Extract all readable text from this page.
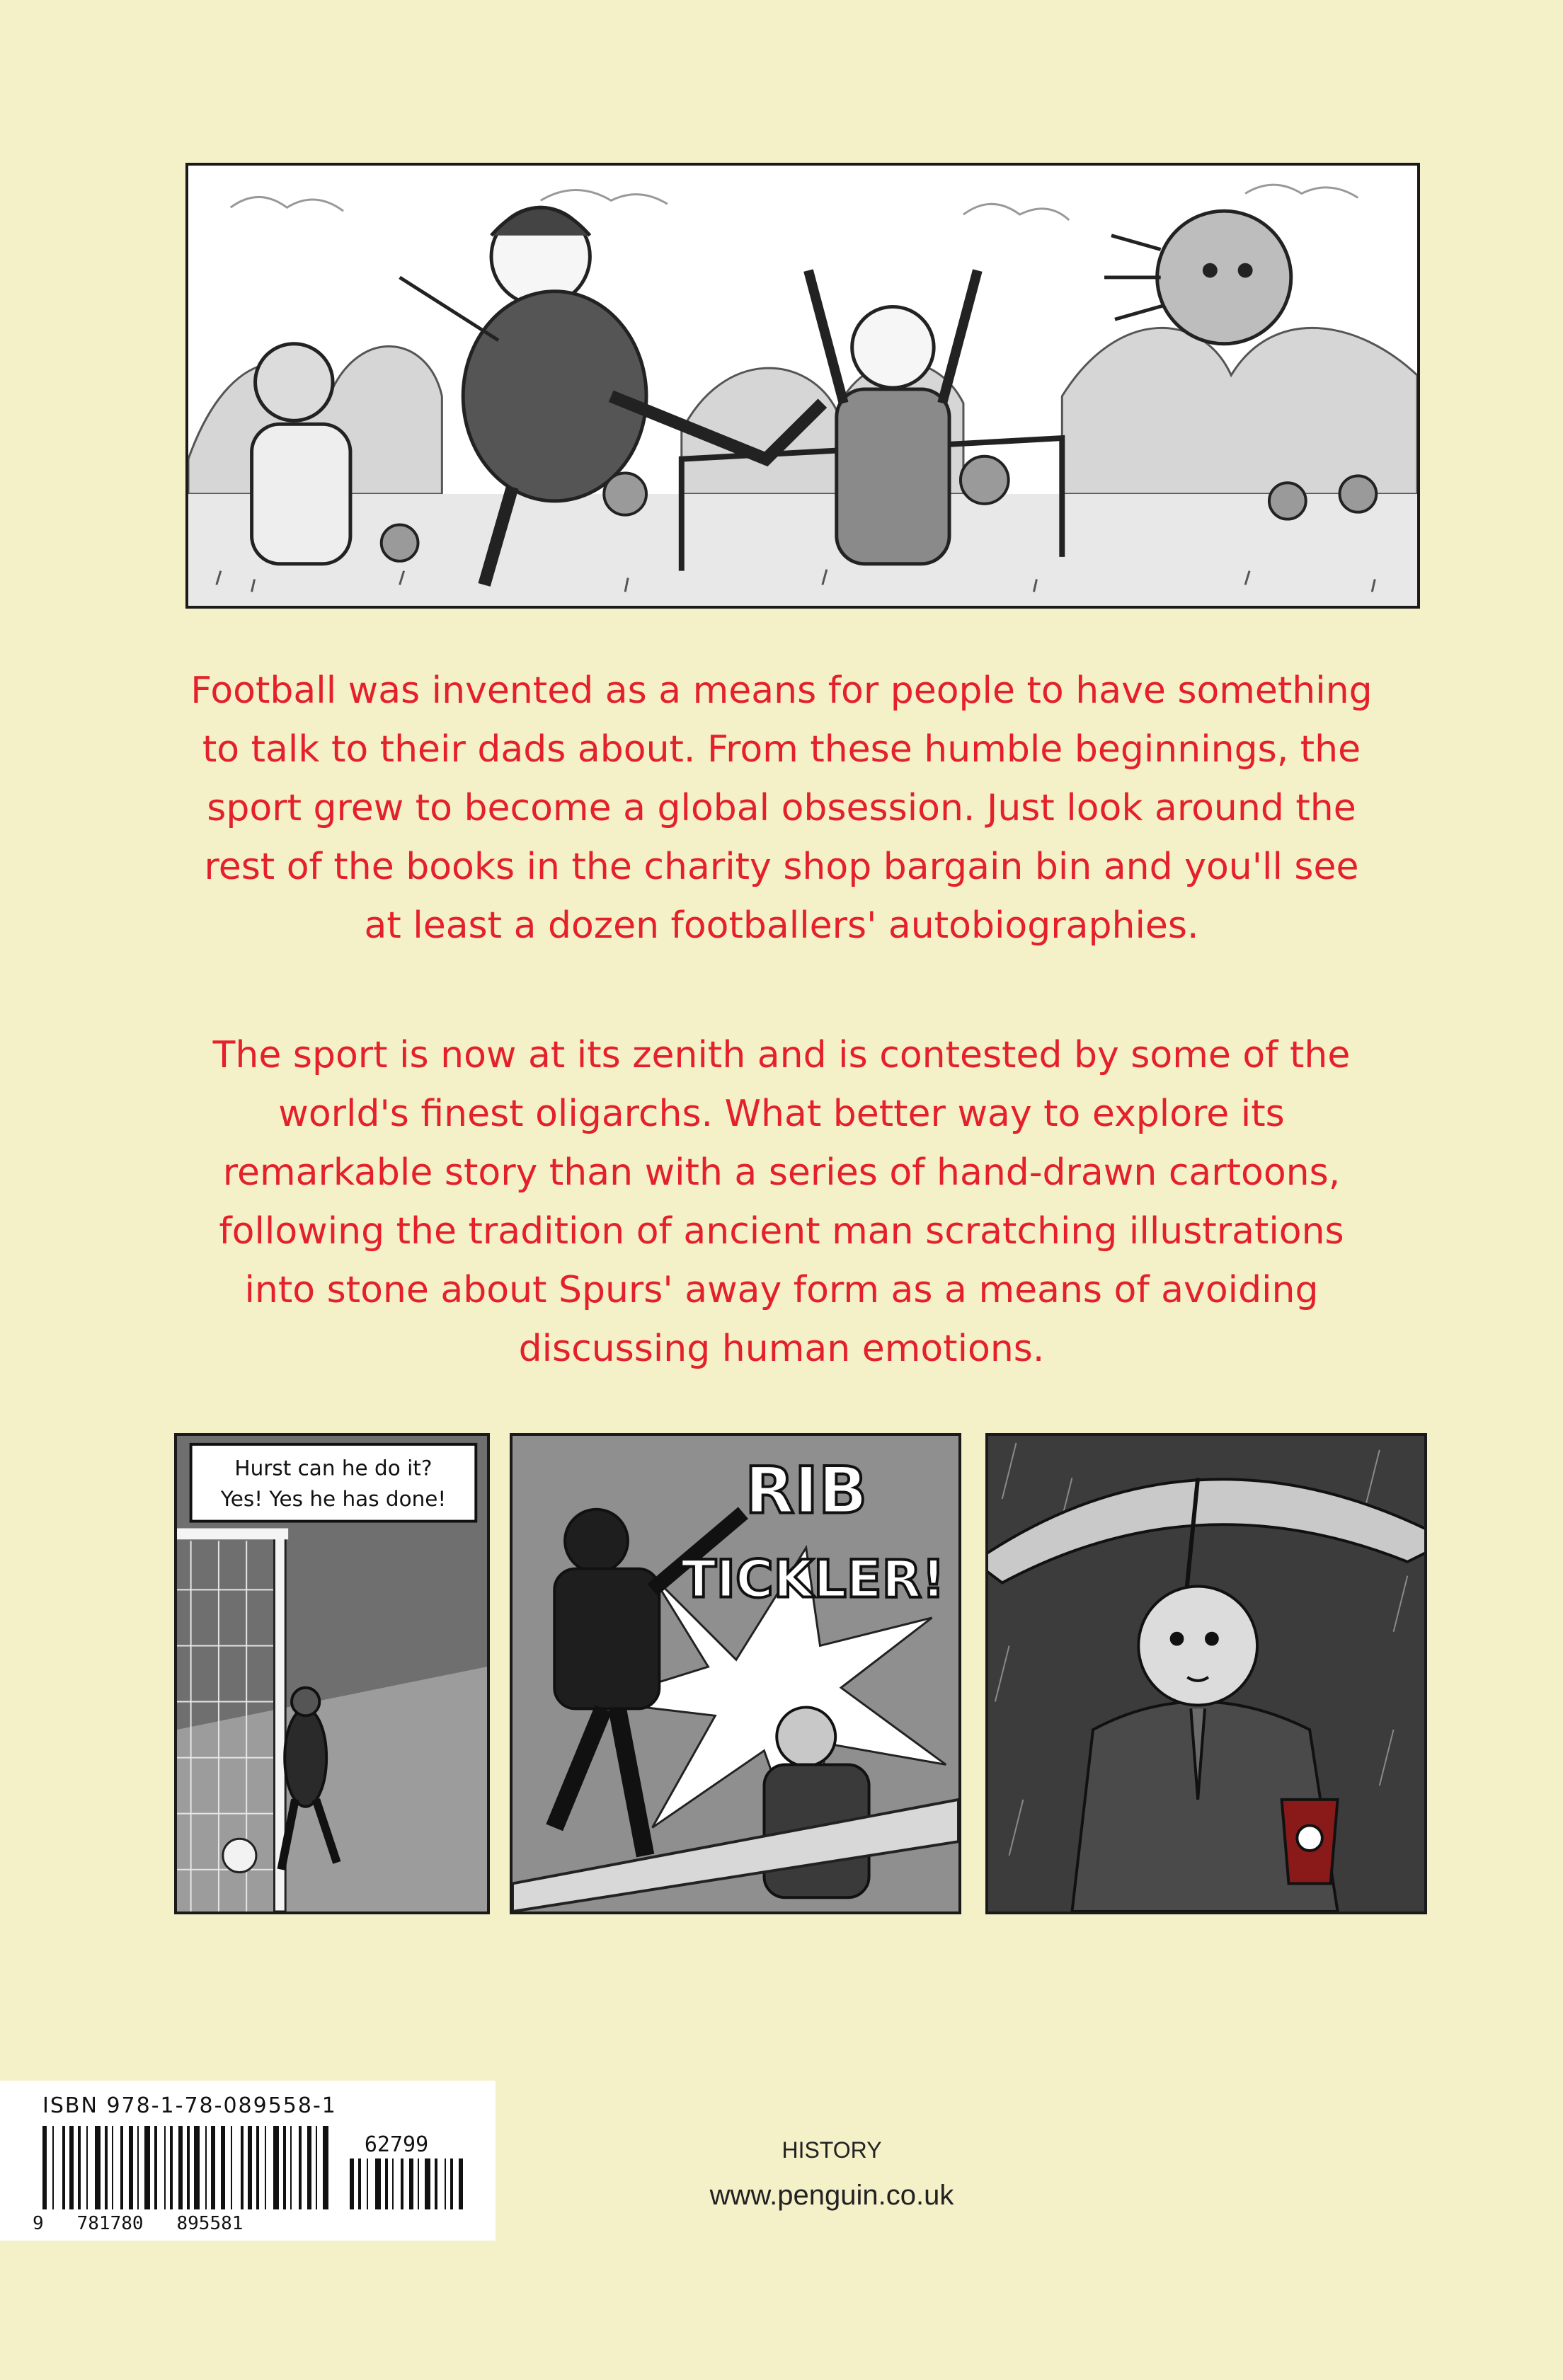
Football was invented as a means for people to have something
to talk to their dads about. From these humble beginnings, the
sport grew to become a global obsession. Just look around the
rest of the books in the charity shop bargain bin and you'll see
at least a dozen footballers' autobiographies.

The sport is now at its zenith and is contested by some of the
world's finest oligarchs. What better way to explore its
remarkable story than with a series of hand-drawn cartoons,
following the tradition of ancient man scratching illustrations
into stone about Spurs' away form as a means of avoiding
discussing human emotions.

Hurst can he do it?
Yes! Yes he has done!	RIB
TICKLER!
ISBN 978-1-78-089558-1
62799
9   781780   895581
HISTORY
www.penguin.co.uk
